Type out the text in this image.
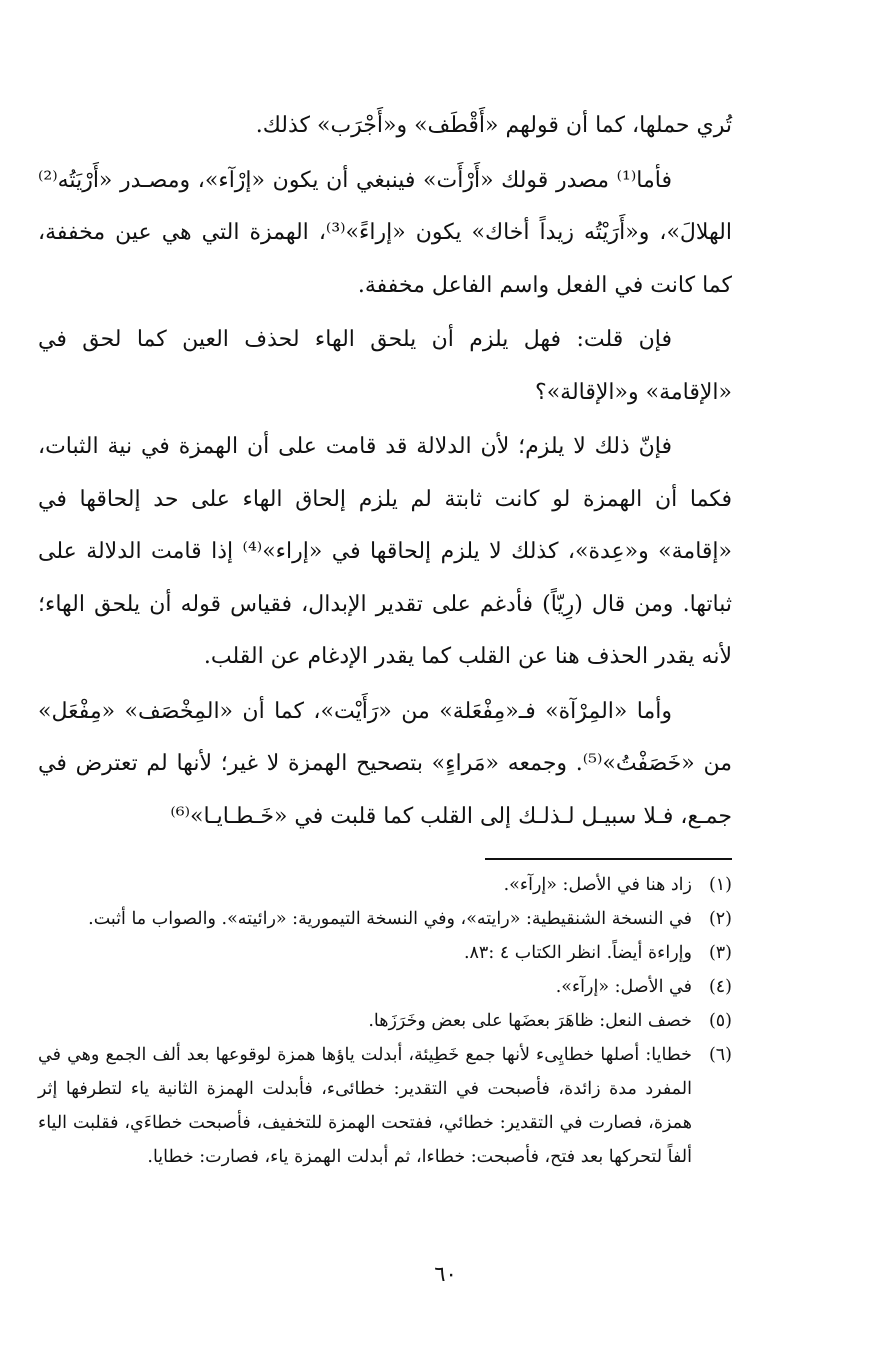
تُري حملها، كما أن قولهم «أَقْطَف» و«أَجْرَب» كذلك.

فأما⁽¹⁾ مصدر قولك «أَرْأَت» فينبغي أن يكون «إرْآء»، ومصـدر «أَرْيَتُه⁽²⁾الهلالَ»، و«أَرَيْتُه زيداً أخاك» يكون «إراءً»⁽³⁾، الهمزة التي هي عين مخففة، كما كانت في الفعل واسم الفاعل مخففة.

فإن قلت: فهل يلزم أن يلحق الهاء لحذف العين كما لحق في «الإقامة» و«الإقالة»؟

فإنّ ذلك لا يلزم؛ لأن الدلالة قد قامت على أن الهمزة في نية الثبات، فكما أن الهمزة لو كانت ثابتة لم يلزم إلحاق الهاء على حد إلحاقها في «إقامة» و«عِدة»، كذلك لا يلزم إلحاقها في «إراء»⁽⁴⁾ إذا قامت الدلالة على ثباتها. ومن قال (رِيّاً) فأدغم على تقدير الإبدال، فقياس قوله أن يلحق الهاء؛ لأنه يقدر الحذف هنا عن القلب كما يقدر الإدغام عن القلب.

وأما «المِرْآة» فـ«مِفْعَلة» من «رَأَيْت»، كما أن «المِخْصَف» «مِفْعَل» من «خَصَفْتُ»⁽⁵⁾. وجمعه «مَراءٍ» بتصحيح الهمزة لا غير؛ لأنها لم تعترض في جمـع، فـلا سبيـل لـذلـك إلى القلب كما قلبت في «خَـطـايـا»⁽⁶⁾

(١)
زاد هنا في الأصل: «إرآء».
(٢)
في النسخة الشنقيطية: «رايته»، وفي النسخة التيمورية: «رائيته». والصواب ما أثبت.
(٣)
وإراءة أيضاً. انظر الكتاب ٤ :٨٣.
(٤)
في الأصل: «إرآء».
(٥)
خصف النعل: ظاهَرَ بعضَها على بعض وخَرَزَها.
(٦)
خطايا: أصلها خطايِىء لأنها جمع خَطِيئة، أبدلت ياؤها همزة لوقوعها بعد ألف الجمع وهي في المفرد مدة زائدة، فأصبحت في التقدير: خطائىء، فأبدلت الهمزة الثانية ياء لتطرفها إثر همزة، فصارت في التقدير: خطائي، ففتحت الهمزة للتخفيف، فأصبحت خطاءَي، فقلبت الياء ألفاً لتحركها بعد فتح، فأصبحت: خطاءا، ثم أبدلت الهمزة ياء، فصارت: خطايا.
٦٠
